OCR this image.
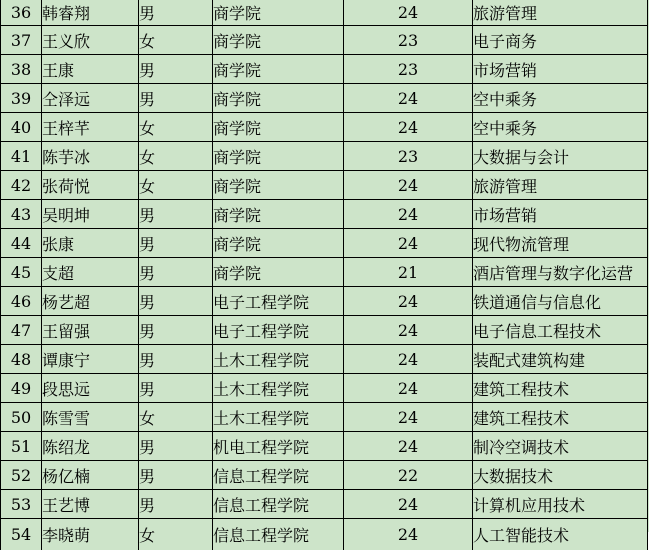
36	韩睿翔	男	商学院	24	旅游管理
37	王义欣	女	商学院	23	电子商务
38	王康	男	商学院	23	市场营销
39	仝泽远	男	商学院	24	空中乘务
40	王梓芊	女	商学院	24	空中乘务
41	陈芋冰	女	商学院	23	大数据与会计
42	张荷悦	女	商学院	24	旅游管理
43	吴明坤	男	商学院	24	市场营销
44	张康	男	商学院	24	现代物流管理
45	支超	男	商学院	21	酒店管理与数字化运营
46	杨艺超	男	电子工程学院	24	铁道通信与信息化
47	王留强	男	电子工程学院	24	电子信息工程技术
48	谭康宁	男	土木工程学院	24	装配式建筑构建
49	段思远	男	土木工程学院	24	建筑工程技术
50	陈雪雪	女	土木工程学院	24	建筑工程技术
51	陈绍龙	男	机电工程学院	24	制冷空调技术
52	杨亿楠	男	信息工程学院	22	大数据技术
53	王艺博	男	信息工程学院	24	计算机应用技术
54	李晓萌	女	信息工程学院	24	人工智能技术
